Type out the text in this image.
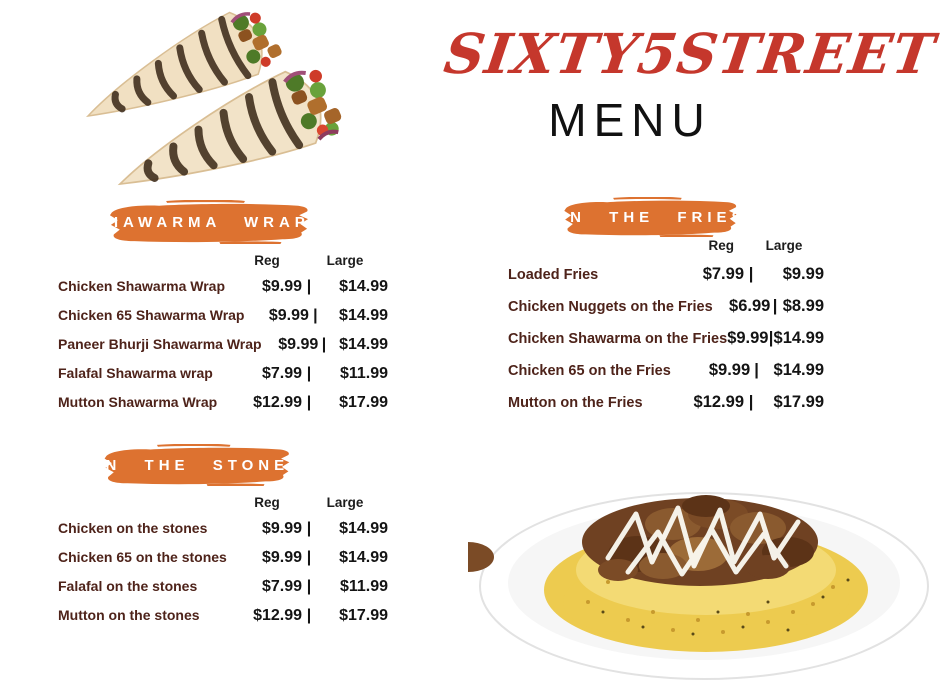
SIXTY5STREET
MENU
SHAWARMA WRAPS
Reg	Large
Chicken Shawarma Wrap	$9.99 |	$14.99
Chicken 65 Shawarma Wrap	$9.99 |	$14.99
Paneer Bhurji Shawarma Wrap	$9.99 | $14.99
Falafal Shawarma wrap	$7.99 |	$11.99
Mutton Shawarma Wrap	$12.99 |	$17.99
ON THE STONES
Reg	Large
Chicken on the stones	$9.99 |	$14.99
Chicken 65 on the stones	$9.99 |	$14.99
Falafal on the stones	$7.99 |	$11.99
Mutton on the stones	$12.99 |	$17.99
ON THE FRIES
Reg	Large
Loaded Fries	$7.99 |	$9.99
Chicken Nuggets on the Fries $6.99 | $8.99
Chicken Shawarma on the Fries $9.99 | $14.99
Chicken 65 on the Fries	$9.99 | $14.99
Mutton on the Fries	$12.99 |	$17.99
